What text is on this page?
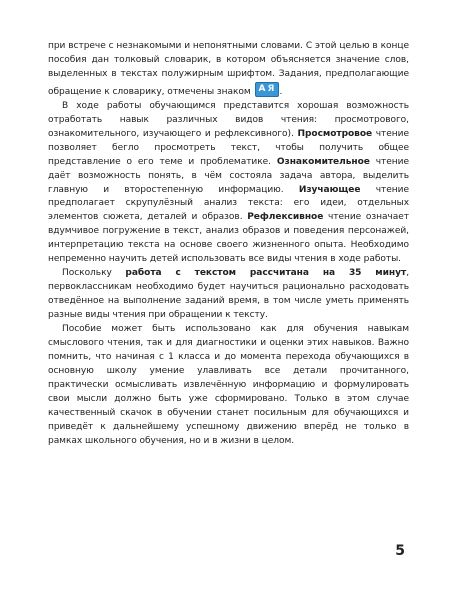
при встрече с незнакомыми и непонятными словами. С этой целью в конце пособия дан толковый словарик, в котором объясняется значение слов, выделенных в текстах полужирным шрифтом. Задания, предполагающие обращение к словарику, отмечены знаком А Я .

В ходе работы обучающимся представится хорошая возможность отработать навык различных видов чтения: просмотрового, ознакомительного, изучающего и рефлексивного). Просмотровое чтение позволяет бегло просмотреть текст, чтобы получить общее представление о его теме и проблематике. Ознакомительное чтение даёт возможность понять, в чём состояла задача автора, выделить главную и второстепенную информацию. Изучающее чтение предполагает скрупулёзный анализ текста: его идеи, отдельных элементов сюжета, деталей и образов. Рефлексивное чтение означает вдумчивое погружение в текст, анализ образов и поведения персонажей, интерпретацию текста на основе своего жизненного опыта. Необходимо непременно научить детей использовать все виды чтения в ходе работы.

Поскольку работа с текстом рассчитана на 35 минут, первоклассникам необходимо будет научиться рационально расходовать отведённое на выполнение заданий время, в том числе уметь применять разные виды чтения при обращении к тексту.

Пособие может быть использовано как для обучения навыкам смыслового чтения, так и для диагностики и оценки этих навыков. Важно помнить, что начиная с 1 класса и до момента перехода обучающихся в основную школу умение улавливать все детали прочитанного, практически осмысливать извлечённую информацию и формулировать свои мысли должно быть уже сформировано. Только в этом случае качественный скачок в обучении станет посильным для обучающихся и приведёт к дальнейшему успешному движению вперёд не только в рамках школьного обучения, но и в жизни в целом.

5
